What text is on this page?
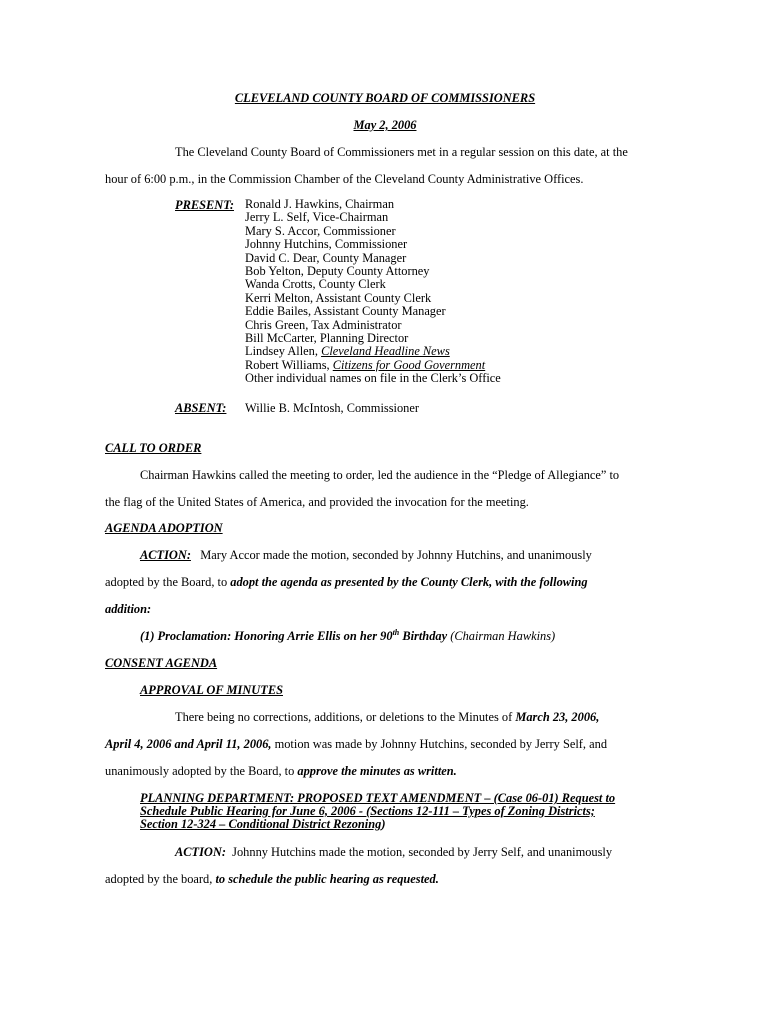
CLEVELAND COUNTY BOARD OF COMMISSIONERS
May 2, 2006
The Cleveland County Board of Commissioners met in a regular session on this date, at the
hour of 6:00 p.m., in the Commission Chamber of the Cleveland County Administrative Offices.
PRESENT: Ronald J. Hawkins, Chairman
Jerry L. Self, Vice-Chairman
Mary S. Accor, Commissioner
Johnny Hutchins, Commissioner
David C. Dear, County Manager
Bob Yelton, Deputy County Attorney
Wanda Crotts, County Clerk
Kerri Melton, Assistant County Clerk
Eddie Bailes, Assistant County Manager
Chris Green, Tax Administrator
Bill McCarter, Planning Director
Lindsey Allen, Cleveland Headline News
Robert Williams, Citizens for Good Government
Other individual names on file in the Clerk’s Office
ABSENT: Willie B. McIntosh, Commissioner
CALL TO ORDER
Chairman Hawkins called the meeting to order, led the audience in the “Pledge of Allegiance” to
the flag of the United States of America, and provided the invocation for the meeting.
AGENDA ADOPTION
ACTION: Mary Accor made the motion, seconded by Johnny Hutchins, and unanimously
adopted by the Board, to adopt the agenda as presented by the County Clerk, with the following
addition:
(1) Proclamation: Honoring Arrie Ellis on her 90th Birthday (Chairman Hawkins)
CONSENT AGENDA
APPROVAL OF MINUTES
There being no corrections, additions, or deletions to the Minutes of March 23, 2006,
April 4, 2006 and April 11, 2006, motion was made by Johnny Hutchins, seconded by Jerry Self, and
unanimously adopted by the Board, to approve the minutes as written.
PLANNING DEPARTMENT: PROPOSED TEXT AMENDMENT – (Case 06-01) Request to
Schedule Public Hearing for June 6, 2006 - (Sections 12-111 – Types of Zoning Districts;
Section 12-324 – Conditional District Rezoning)
ACTION: Johnny Hutchins made the motion, seconded by Jerry Self, and unanimously
adopted by the board, to schedule the public hearing as requested.
